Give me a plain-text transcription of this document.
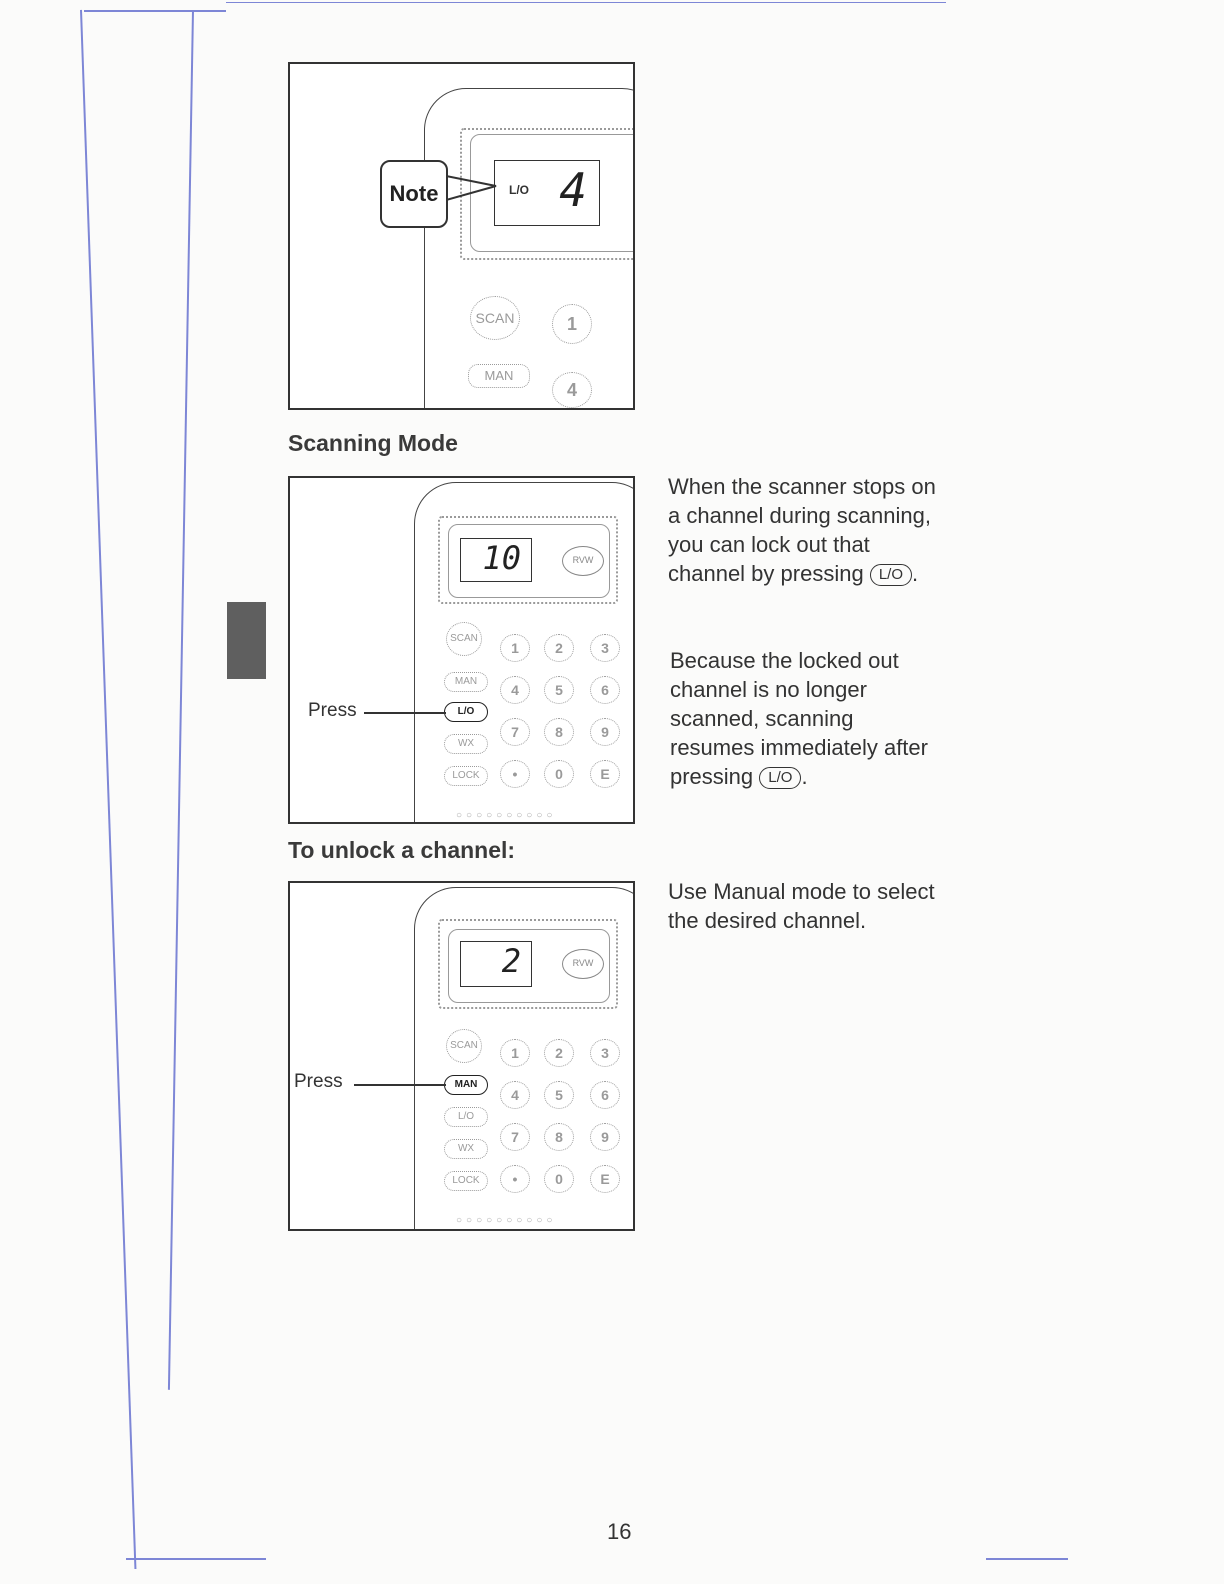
L/O 4
Note
SCAN	1
MAN
4
Scanning Mode
10	RVW
SCAN
MAN
L/O
WX
LOCK
1	2	3
4	5	6
7	8	9
•	0	E
○○○○○○○○○○
Press

When the scanner stops on a channel during scanning, you can lock out that channel by pressing L/O .

Because the locked out channel is no longer scanned, scanning resumes immediately after pressing L/O .

To unlock a channel:
2	RVW
SCAN
MAN
L/O
WX
LOCK
1	2	3
4	5	6
7	8	9
•	0	E
○○○○○○○○○○
Press

Use Manual mode to select the desired channel.

16
